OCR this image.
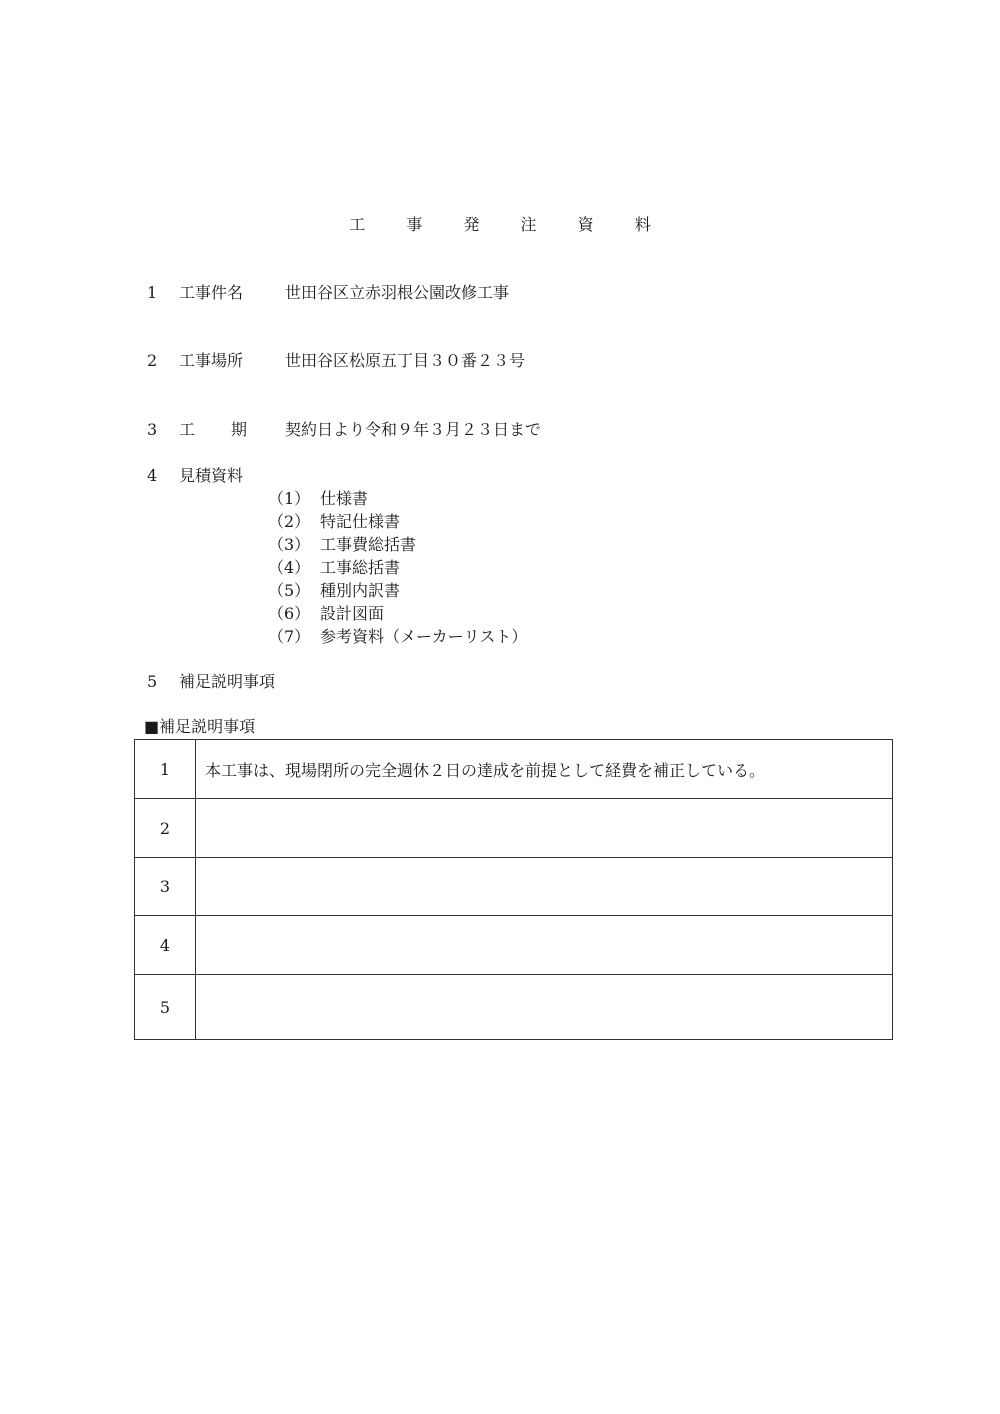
工	事	発	注	資	料
1 工事件名	世田谷区立赤羽根公園改修工事
2 工事場所	世田谷区松原五丁目３０番２３号
3 工 期 契約日より令和９年３月２３日まで
4 見積資料
（1） 仕様書
（2） 特記仕様書
（3） 工事費総括書
（4） 工事総括書
（5） 種別内訳書
（6） 設計図面
（7） 参考資料（メーカーリスト）
5 補足説明事項
■補足説明事項
1	本工事は、現場閉所の完全週休２日の達成を前提として経費を補正している。
2	
3	
4	
5	
